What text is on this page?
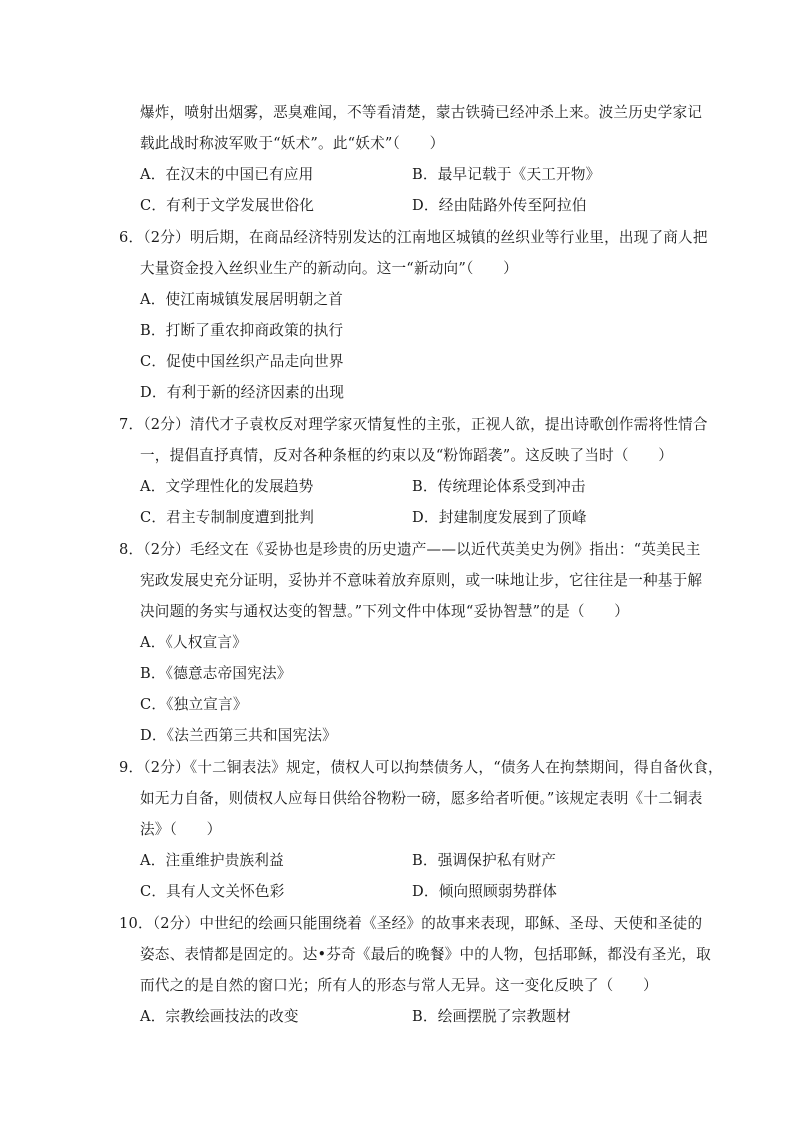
爆炸，喷射出烟雾，恶臭难闻，不等看清楚，蒙古铁骑已经冲杀上来。波兰历史学家记
载此战时称波军败于“妖术”。此“妖术”（　　）
A．在汉末的中国已有应用	B．最早记载于《天工开物》
C．有利于文学发展世俗化	D．经由陆路外传至阿拉伯
6．（2分）明后期，在商品经济特别发达的江南地区城镇的丝织业等行业里，出现了商人把
大量资金投入丝织业生产的新动向。这一“新动向”（　　）
A．使江南城镇发展居明朝之首
B．打断了重农抑商政策的执行
C．促使中国丝织产品走向世界
D．有利于新的经济因素的出现
7．（2分）清代才子袁枚反对理学家灭情复性的主张，正视人欲，提出诗歌创作需将性情合
一，提倡直抒真情，反对各种条框的约束以及“粉饰蹈袭”。这反映了当时（　　）
A．文学理性化的发展趋势	B．传统理论体系受到冲击
C．君主专制制度遭到批判	D．封建制度发展到了顶峰
8．（2分）毛经文在《妥协也是珍贵的历史遗产——以近代英美史为例》指出：“英美民主
宪政发展史充分证明，妥协并不意味着放弃原则，或一味地让步，它往往是一种基于解
决问题的务实与通权达变的智慧。”下列文件中体现“妥协智慧”的是（　　）
A．《人权宣言》
B．《德意志帝国宪法》
C．《独立宣言》
D．《法兰西第三共和国宪法》
9．（2分）《十二铜表法》规定，债权人可以拘禁债务人，“债务人在拘禁期间，得自备伙食，
如无力自备，则债权人应每日供给谷物粉一磅，愿多给者听便。”该规定表明《十二铜表
法》（　　）
A．注重维护贵族利益	B．强调保护私有财产
C．具有人文关怀色彩	D．倾向照顾弱势群体
10．（2分）中世纪的绘画只能围绕着《圣经》的故事来表现，耶稣、圣母、天使和圣徒的
姿态、表情都是固定的。达•芬奇《最后的晚餐》中的人物，包括耶稣，都没有圣光，取
而代之的是自然的窗口光；所有人的形态与常人无异。这一变化反映了（　　）
A．宗教绘画技法的改变	B．绘画摆脱了宗教题材
